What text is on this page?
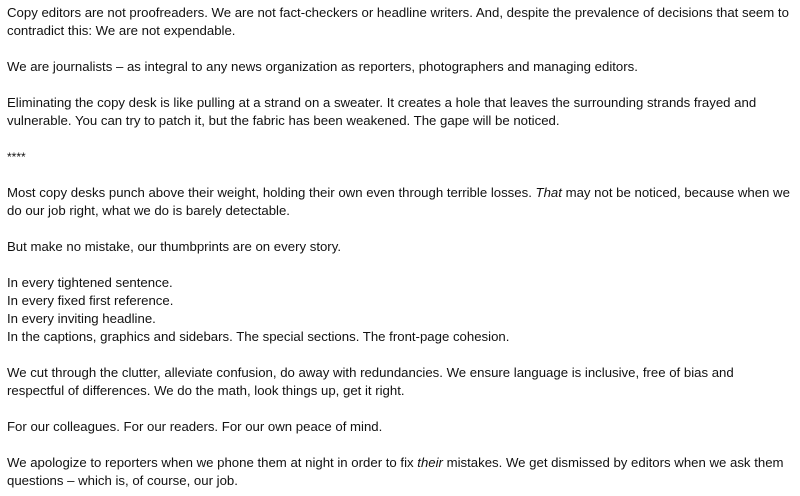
Copy editors are not proofreaders. We are not fact-checkers or headline writers. And, despite the prevalence of decisions that seem to contradict this: We are not expendable.

We are journalists – as integral to any news organization as reporters, photographers and managing editors.

Eliminating the copy desk is like pulling at a strand on a sweater. It creates a hole that leaves the surrounding strands frayed and vulnerable. You can try to patch it, but the fabric has been weakened. The gape will be noticed.

****

Most copy desks punch above their weight, holding their own even through terrible losses. That may not be noticed, because when we do our job right, what we do is barely detectable.

But make no mistake, our thumbprints are on every story.

In every tightened sentence.
In every fixed first reference.
In every inviting headline.
In the captions, graphics and sidebars. The special sections. The front-page cohesion.

We cut through the clutter, alleviate confusion, do away with redundancies. We ensure language is inclusive, free of bias and respectful of differences. We do the math, look things up, get it right.

For our colleagues. For our readers. For our own peace of mind.

We apologize to reporters when we phone them at night in order to fix their mistakes. We get dismissed by editors when we ask them questions – which is, of course, our job.
